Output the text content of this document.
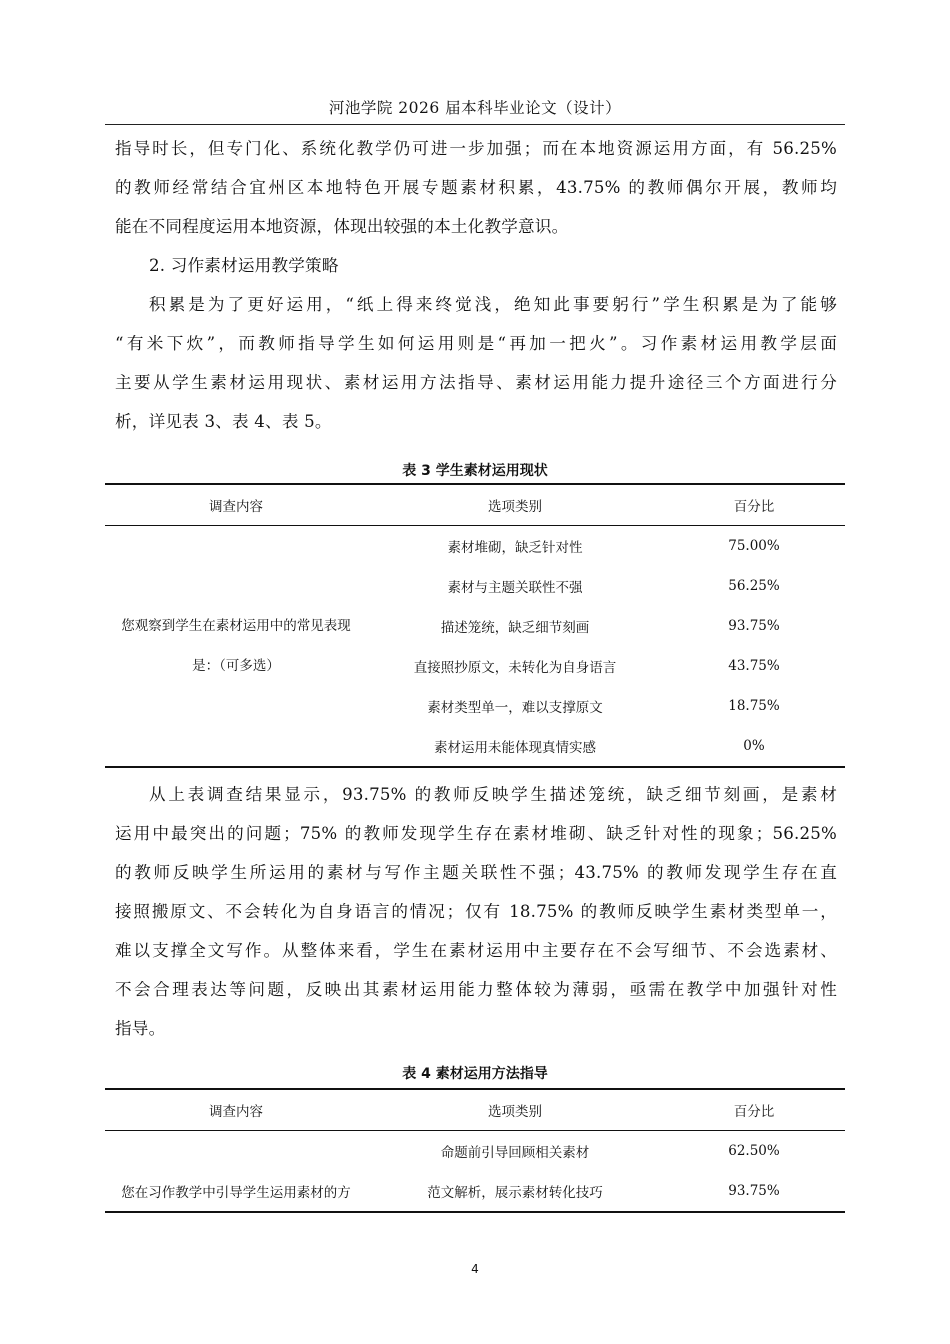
河池学院 2026 届本科毕业论文（设计）
指导时长，但专门化、系统化教学仍可进一步加强；而在本地资源运用方面，有 56.25%
的教师经常结合宜州区本地特色开展专题素材积累，43.75% 的教师偶尔开展，教师均
能在不同程度运用本地资源，体现出较强的本土化教学意识。
2. 习作素材运用教学策略
积累是为了更好运用，“纸上得来终觉浅，绝知此事要躬行”学生积累是为了能够
“有米下炊”，而教师指导学生如何运用则是“再加一把火”。习作素材运用教学层面
主要从学生素材运用现状、素材运用方法指导、素材运用能力提升途径三个方面进行分
析，详见表 3、表 4、表 5。
表 3 学生素材运用现状
调查内容	选项类别	百分比

您观察到学生在素材运用中的常见表现
是：（可多选）	素材堆砌，缺乏针对性	75.00%
	素材与主题关联性不强	56.25%
	描述笼统，缺乏细节刻画	93.75%
	直接照抄原文，未转化为自身语言	43.75%
	素材类型单一，难以支撑原文	18.75%
	素材运用未能体现真情实感	0%
从上表调查结果显示，93.75% 的教师反映学生描述笼统，缺乏细节刻画，是素材
运用中最突出的问题；75% 的教师发现学生存在素材堆砌、缺乏针对性的现象；56.25%
的教师反映学生所运用的素材与写作主题关联性不强；43.75% 的教师发现学生存在直
接照搬原文、不会转化为自身语言的情况；仅有 18.75% 的教师反映学生素材类型单一，
难以支撑全文写作。从整体来看，学生在素材运用中主要存在不会写细节、不会选素材、
不会合理表达等问题，反映出其素材运用能力整体较为薄弱，亟需在教学中加强针对性
指导。
表 4 素材运用方法指导
调查内容	选项类别	百分比
	命题前引导回顾相关素材	62.50%
您在习作教学中引导学生运用素材的方	范文解析，展示素材转化技巧	93.75%
4
